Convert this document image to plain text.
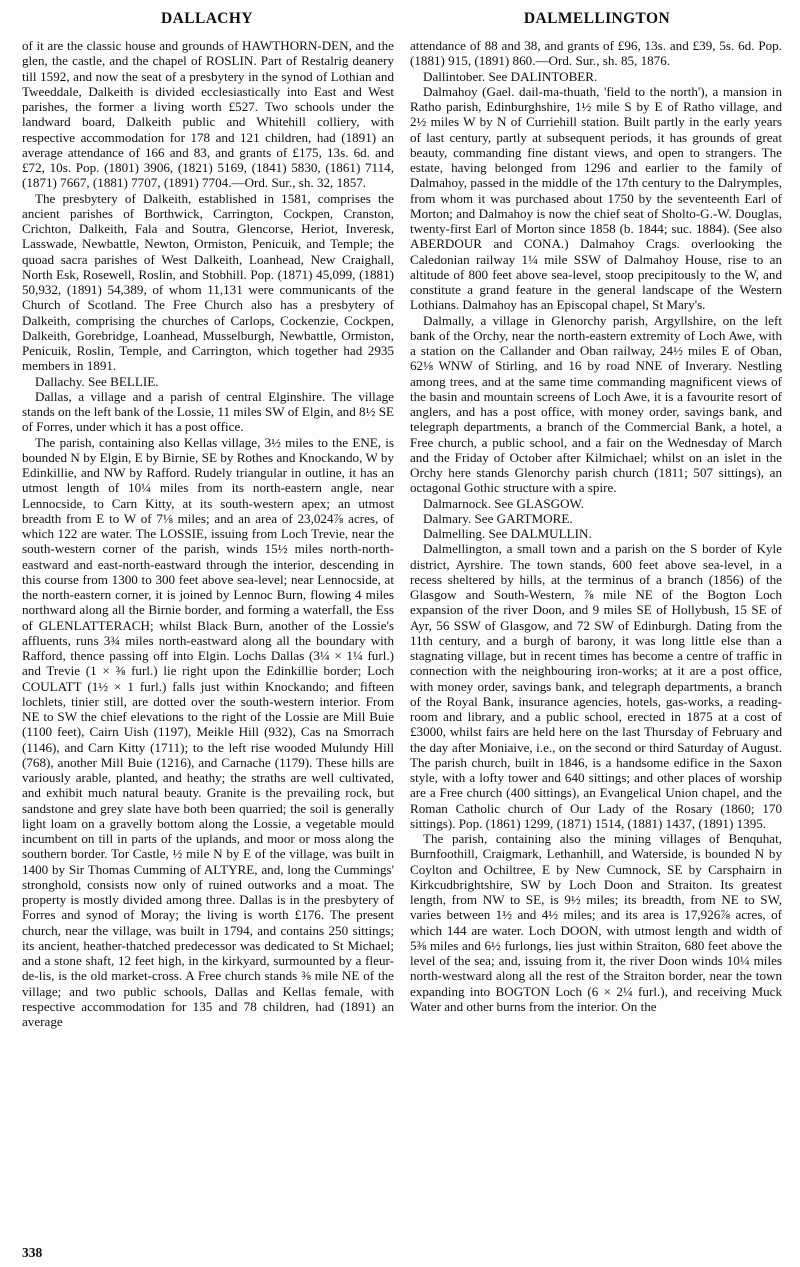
DALLACHY	DALMELLINGTON

of it are the classic house and grounds of HAWTHORN-DEN, and the glen, the castle, and the chapel of ROSLIN. Part of Restalrig deanery till 1592, and now the seat of a presbytery in the synod of Lothian and Tweeddale, Dalkeith is divided ecclesiastically into East and West parishes, the former a living worth £527. Two schools under the landward board, Dalkeith public and Whitehill colliery, with respective accommodation for 178 and 121 children, had (1891) an average attendance of 166 and 83, and grants of £175, 13s. 6d. and £72, 10s. Pop. (1801) 3906, (1821) 5169, (1841) 5830, (1861) 7114, (1871) 7667, (1881) 7707, (1891) 7704.—Ord. Sur., sh. 32, 1857.

The presbytery of Dalkeith, established in 1581, comprises the ancient parishes of Borthwick, Carrington, Cockpen, Cranston, Crichton, Dalkeith, Fala and Soutra, Glencorse, Heriot, Inveresk, Lasswade, Newbattle, Newton, Ormiston, Penicuik, and Temple; the quoad sacra parishes of West Dalkeith, Loanhead, New Craighall, North Esk, Rosewell, Roslin, and Stobhill. Pop. (1871) 45,099, (1881) 50,932, (1891) 54,389, of whom 11,131 were communicants of the Church of Scotland. The Free Church also has a presbytery of Dalkeith, comprising the churches of Carlops, Cockenzie, Cockpen, Dalkeith, Gorebridge, Loanhead, Musselburgh, Newbattle, Ormiston, Penicuik, Roslin, Temple, and Carrington, which together had 2935 members in 1891.

Dallachy. See BELLIE.

Dallas, a village and a parish of central Elginshire. The village stands on the left bank of the Lossie, 11 miles SW of Elgin, and 8½ SE of Forres, under which it has a post office.

The parish, containing also Kellas village, 3½ miles to the ENE, is bounded N by Elgin, E by Birnie, SE by Rothes and Knockando, W by Edinkillie, and NW by Rafford. Rudely triangular in outline, it has an utmost length of 10¼ miles from its north-eastern angle, near Lennocside, to Carn Kitty, at its south-western apex; an utmost breadth from E to W of 7⅛ miles; and an area of 23,024⅞ acres, of which 122 are water. The LOSSIE, issuing from Loch Trevie, near the south-western corner of the parish, winds 15½ miles north-north-eastward and east-north-eastward through the interior, descending in this course from 1300 to 300 feet above sea-level; near Lennocside, at the north-eastern corner, it is joined by Lennoc Burn, flowing 4 miles northward along all the Birnie border, and forming a waterfall, the Ess of GLENLATTERACH; whilst Black Burn, another of the Lossie's affluents, runs 3¾ miles north-eastward along all the boundary with Rafford, thence passing off into Elgin. Lochs Dallas (3¼ × 1¼ furl.) and Trevie (1 × ⅜ furl.) lie right upon the Edinkillie border; Loch COULATT (1½ × 1 furl.) falls just within Knockando; and fifteen lochlets, tinier still, are dotted over the south-western interior. From NE to SW the chief elevations to the right of the Lossie are Mill Buie (1100 feet), Cairn Uish (1197), Meikle Hill (932), Cas na Smorrach (1146), and Carn Kitty (1711); to the left rise wooded Mulundy Hill (768), another Mill Buie (1216), and Carnache (1179). These hills are variously arable, planted, and heathy; the straths are well cultivated, and exhibit much natural beauty. Granite is the prevailing rock, but sandstone and grey slate have both been quarried; the soil is generally light loam on a gravelly bottom along the Lossie, a vegetable mould incumbent on till in parts of the uplands, and moor or moss along the southern border. Tor Castle, ½ mile N by E of the village, was built in 1400 by Sir Thomas Cumming of ALTYRE, and, long the Cummings' stronghold, consists now only of ruined outworks and a moat. The property is mostly divided among three. Dallas is in the presbytery of Forres and synod of Moray; the living is worth £176. The present church, near the village, was built in 1794, and contains 250 sittings; its ancient, heather-thatched predecessor was dedicated to St Michael; and a stone shaft, 12 feet high, in the kirkyard, surmounted by a fleur-de-lis, is the old market-cross. A Free church stands ⅜ mile NE of the village; and two public schools, Dallas and Kellas female, with respective accommodation for 135 and 78 children, had (1891) an average

attendance of 88 and 38, and grants of £96, 13s. and £39, 5s. 6d. Pop. (1881) 915, (1891) 860.—Ord. Sur., sh. 85, 1876.

Dallintober. See DALINTOBER.

Dalmahoy (Gael. dail-ma-thuath, 'field to the north'), a mansion in Ratho parish, Edinburghshire, 1½ mile S by E of Ratho village, and 2½ miles W by N of Curriehill station. Built partly in the early years of last century, partly at subsequent periods, it has grounds of great beauty, commanding fine distant views, and open to strangers. The estate, having belonged from 1296 and earlier to the family of Dalmahoy, passed in the middle of the 17th century to the Dalrymples, from whom it was purchased about 1750 by the seventeenth Earl of Morton; and Dalmahoy is now the chief seat of Sholto-G.-W. Douglas, twenty-first Earl of Morton since 1858 (b. 1844; suc. 1884). (See also ABERDOUR and CONA.) Dalmahoy Crags. overlooking the Caledonian railway 1¼ mile SSW of Dalmahoy House, rise to an altitude of 800 feet above sea-level, stoop precipitously to the W, and constitute a grand feature in the general landscape of the Western Lothians. Dalmahoy has an Episcopal chapel, St Mary's.

Dalmally, a village in Glenorchy parish, Argyllshire, on the left bank of the Orchy, near the north-eastern extremity of Loch Awe, with a station on the Callander and Oban railway, 24½ miles E of Oban, 62⅛ WNW of Stirling, and 16 by road NNE of Inverary. Nestling among trees, and at the same time commanding magnificent views of the basin and mountain screens of Loch Awe, it is a favourite resort of anglers, and has a post office, with money order, savings bank, and telegraph departments, a branch of the Commercial Bank, a hotel, a Free church, a public school, and a fair on the Wednesday of March and the Friday of October after Kilmichael; whilst on an islet in the Orchy here stands Glenorchy parish church (1811; 507 sittings), an octagonal Gothic structure with a spire.

Dalmarnock. See GLASGOW.

Dalmary. See GARTMORE.

Dalmelling. See DALMULLIN.

Dalmellington, a small town and a parish on the S border of Kyle district, Ayrshire. The town stands, 600 feet above sea-level, in a recess sheltered by hills, at the terminus of a branch (1856) of the Glasgow and South-Western, ⅞ mile NE of the Bogton Loch expansion of the river Doon, and 9 miles SE of Hollybush, 15 SE of Ayr, 56 SSW of Glasgow, and 72 SW of Edinburgh. Dating from the 11th century, and a burgh of barony, it was long little else than a stagnating village, but in recent times has become a centre of traffic in connection with the neighbouring iron-works; at it are a post office, with money order, savings bank, and telegraph departments, a branch of the Royal Bank, insurance agencies, hotels, gas-works, a reading-room and library, and a public school, erected in 1875 at a cost of £3000, whilst fairs are held here on the last Thursday of February and the day after Moniaive, i.e., on the second or third Saturday of August. The parish church, built in 1846, is a handsome edifice in the Saxon style, with a lofty tower and 640 sittings; and other places of worship are a Free church (400 sittings), an Evangelical Union chapel, and the Roman Catholic church of Our Lady of the Rosary (1860; 170 sittings). Pop. (1861) 1299, (1871) 1514, (1881) 1437, (1891) 1395.

The parish, containing also the mining villages of Benquhat, Burnfoothill, Craigmark, Lethanhill, and Waterside, is bounded N by Coylton and Ochiltree, E by New Cumnock, SE by Carsphairn in Kirkcudbrightshire, SW by Loch Doon and Straiton. Its greatest length, from NW to SE, is 9½ miles; its breadth, from NE to SW, varies between 1½ and 4½ miles; and its area is 17,926⅞ acres, of which 144 are water. Loch DOON, with utmost length and width of 5⅜ miles and 6½ furlongs, lies just within Straiton, 680 feet above the level of the sea; and, issuing from it, the river Doon winds 10¼ miles north-westward along all the rest of the Straiton border, near the town expanding into BOGTON Loch (6 × 2¼ furl.), and receiving Muck Water and other burns from the interior. On the

338
